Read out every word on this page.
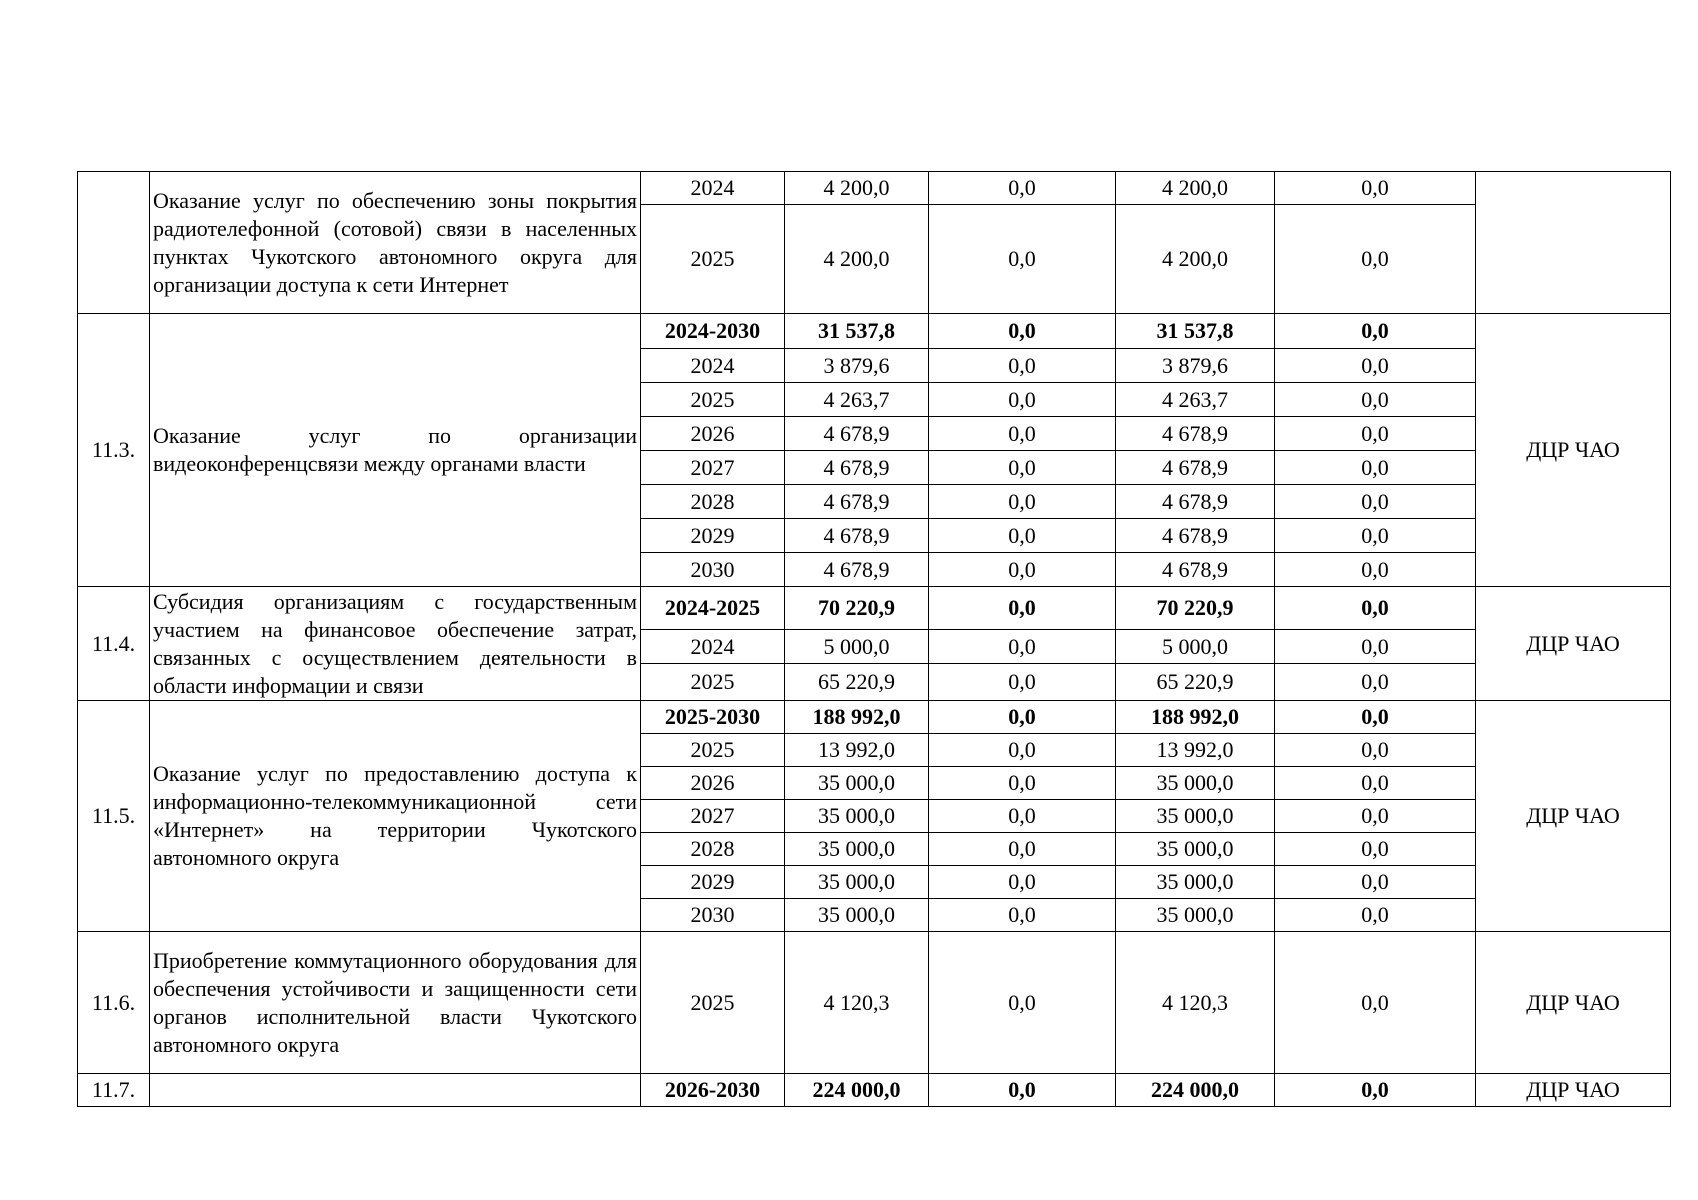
	Оказание услуг по обеспечению зоны покрытия радиотелефонной (сотовой) связи в населенных пунктах Чукотского автономного округа для организации доступа к сети Интернет	2024	4 200,0	0,0	4 200,0	0,0	
		2025	4 200,0	0,0	4 200,0	0,0	
11.3.	Оказание услуг по организации видеоконференцсвязи между органами власти	2024-2030	31 537,8	0,0	31 537,8	0,0	ДЦР ЧАО
		2024	3 879,6	0,0	3 879,6	0,0	
		2025	4 263,7	0,0	4 263,7	0,0	
		2026	4 678,9	0,0	4 678,9	0,0	
		2027	4 678,9	0,0	4 678,9	0,0	
		2028	4 678,9	0,0	4 678,9	0,0	
		2029	4 678,9	0,0	4 678,9	0,0	
		2030	4 678,9	0,0	4 678,9	0,0	
11.4.	Субсидия организациям с государственным участием на финансовое обеспечение затрат, связанных с осуществлением деятельности в области информации и связи	2024-2025	70 220,9	0,0	70 220,9	0,0	ДЦР ЧАО
		2024	5 000,0	0,0	5 000,0	0,0	
		2025	65 220,9	0,0	65 220,9	0,0	
11.5.	Оказание услуг по предоставлению доступа к информационно-телекоммуникационной сети «Интернет» на территории Чукотского автономного округа	2025-2030	188 992,0	0,0	188 992,0	0,0	ДЦР ЧАО
		2025	13 992,0	0,0	13 992,0	0,0	
		2026	35 000,0	0,0	35 000,0	0,0	
		2027	35 000,0	0,0	35 000,0	0,0	
		2028	35 000,0	0,0	35 000,0	0,0	
		2029	35 000,0	0,0	35 000,0	0,0	
		2030	35 000,0	0,0	35 000,0	0,0	
11.6.	Приобретение коммутационного оборудования для обеспечения устойчивости и защищенности сети органов исполнительной власти Чукотского автономного округа	2025	4 120,3	0,0	4 120,3	0,0	ДЦР ЧАО
11.7.		2026-2030	224 000,0	0,0	224 000,0	0,0	ДЦР ЧАО
